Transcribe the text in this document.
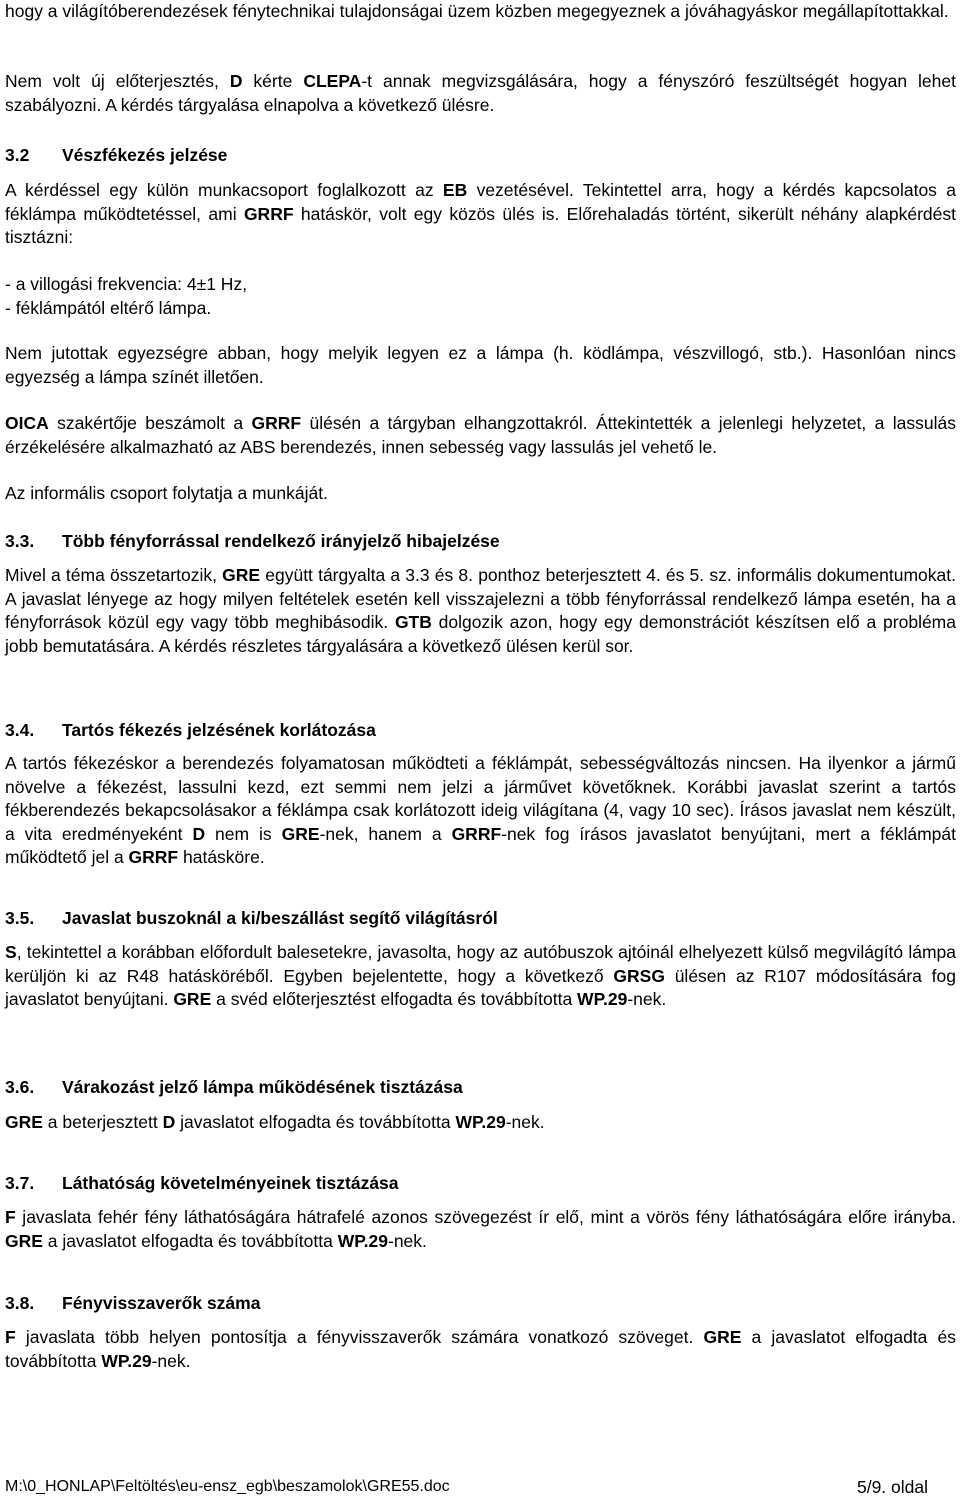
hogy a világítóberendezések fénytechnikai tulajdonságai üzem közben megegyeznek a jóváhagyáskor megállapítottakkal.
Nem volt új előterjesztés, D kérte CLEPA-t annak megvizsgálására, hogy a fényszóró feszültségét hogyan lehet szabályozni. A kérdés tárgyalása elnapolva a következő ülésre.
3.2 Vészfékezés jelzése
A kérdéssel egy külön munkacsoport foglalkozott az EB vezetésével. Tekintettel arra, hogy a kérdés kapcsolatos a féklámpa működtetéssel, ami GRRF hatáskör, volt egy közös ülés is. Előrehaladás történt, sikerült néhány alapkérdést tisztázni:
- a villogási frekvencia: 4±1 Hz,
- féklámpától eltérő lámpa.
Nem jutottak egyezségre abban, hogy melyik legyen ez a lámpa (h. ködlámpa, vészvillogó, stb.). Hasonlóan nincs egyezség a lámpa színét illetően.
OICA szakértője beszámolt a GRRF ülésén a tárgyban elhangzottakról. Áttekintették a jelenlegi helyzetet, a lassulás érzékelésére alkalmazható az ABS berendezés, innen sebesség vagy lassulás jel vehető le.
Az informális csoport folytatja a munkáját.
3.3. Több fényforrással rendelkező irányjelző hibajelzése
Mivel a téma összetartozik, GRE együtt tárgyalta a 3.3 és 8. ponthoz beterjesztett 4. és 5. sz. informális dokumentumokat. A javaslat lényege az hogy milyen feltételek esetén kell visszajelezni a több fényforrással rendelkező lámpa esetén, ha a fényforrások közül egy vagy több meghibásodik. GTB dolgozik azon, hogy egy demonstrációt készítsen elő a probléma jobb bemutatására. A kérdés részletes tárgyalására a következő ülésen kerül sor.
3.4. Tartós fékezés jelzésének korlátozása
A tartós fékezéskor a berendezés folyamatosan működteti a féklámpát, sebességváltozás nincsen. Ha ilyenkor a jármű növelve a fékezést, lassulni kezd, ezt semmi nem jelzi a járművet követőknek. Korábbi javaslat szerint a tartós fékberendezés bekapcsolásakor a féklámpa csak korlátozott ideig világítana (4, vagy 10 sec). Írásos javaslat nem készült, a vita eredményeként D nem is GRE-nek, hanem a GRRF-nek fog írásos javaslatot benyújtani, mert a féklámpát működtető jel a GRRF hatásköre.
3.5. Javaslat buszoknál a ki/beszállást segítő világításról
S, tekintettel a korábban előfordult balesetekre, javasolta, hogy az autóbuszok ajtóinál elhelyezett külső megvilágító lámpa kerüljön ki az R48 hatásköréből. Egyben bejelentette, hogy a következő GRSG ülésen az R107 módosítására fog javaslatot benyújtani. GRE a svéd előterjesztést elfogadta és továbbította WP.29-nek.
3.6. Várakozást jelző lámpa működésének tisztázása
GRE a beterjesztett D javaslatot elfogadta és továbbította WP.29-nek.
3.7. Láthatóság követelményeinek tisztázása
F javaslata fehér fény láthatóságára hátrafelé azonos szövegezést ír elő, mint a vörös fény láthatóságára előre irányba. GRE a javaslatot elfogadta és továbbította WP.29-nek.
3.8. Fényvisszaverők száma
F javaslata több helyen pontosítja a fényvisszaverők számára vonatkozó szöveget. GRE a javaslatot elfogadta és továbbította WP.29-nek.
M:\0_HONLAP\Feltöltés\eu-ensz_egb\beszamolok\GRE55.doc	5/9. oldal
